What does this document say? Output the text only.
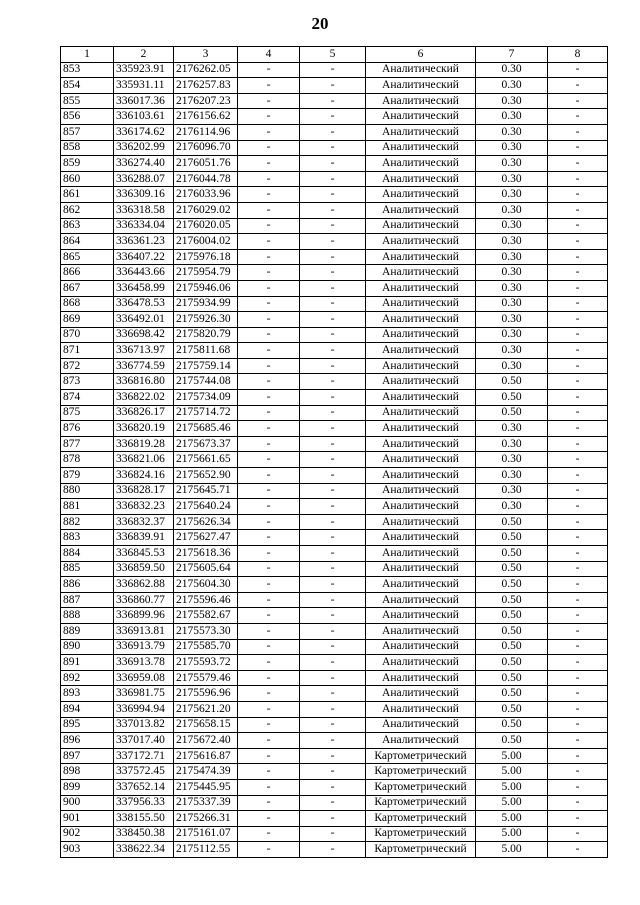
20
1	2	3	4	5	6	7	8
853	335923.91	2176262.05	-	-	Аналитический	0.30	-
854	335931.11	2176257.83	-	-	Аналитический	0.30	-
855	336017.36	2176207.23	-	-	Аналитический	0.30	-
856	336103.61	2176156.62	-	-	Аналитический	0.30	-
857	336174.62	2176114.96	-	-	Аналитический	0.30	-
858	336202.99	2176096.70	-	-	Аналитический	0.30	-
859	336274.40	2176051.76	-	-	Аналитический	0.30	-
860	336288.07	2176044.78	-	-	Аналитический	0.30	-
861	336309.16	2176033.96	-	-	Аналитический	0.30	-
862	336318.58	2176029.02	-	-	Аналитический	0.30	-
863	336334.04	2176020.05	-	-	Аналитический	0.30	-
864	336361.23	2176004.02	-	-	Аналитический	0.30	-
865	336407.22	2175976.18	-	-	Аналитический	0.30	-
866	336443.66	2175954.79	-	-	Аналитический	0.30	-
867	336458.99	2175946.06	-	-	Аналитический	0.30	-
868	336478.53	2175934.99	-	-	Аналитический	0.30	-
869	336492.01	2175926.30	-	-	Аналитический	0.30	-
870	336698.42	2175820.79	-	-	Аналитический	0.30	-
871	336713.97	2175811.68	-	-	Аналитический	0.30	-
872	336774.59	2175759.14	-	-	Аналитический	0.30	-
873	336816.80	2175744.08	-	-	Аналитический	0.50	-
874	336822.02	2175734.09	-	-	Аналитический	0.50	-
875	336826.17	2175714.72	-	-	Аналитический	0.50	-
876	336820.19	2175685.46	-	-	Аналитический	0.30	-
877	336819.28	2175673.37	-	-	Аналитический	0.30	-
878	336821.06	2175661.65	-	-	Аналитический	0.30	-
879	336824.16	2175652.90	-	-	Аналитический	0.30	-
880	336828.17	2175645.71	-	-	Аналитический	0.30	-
881	336832.23	2175640.24	-	-	Аналитический	0.30	-
882	336832.37	2175626.34	-	-	Аналитический	0.50	-
883	336839.91	2175627.47	-	-	Аналитический	0.50	-
884	336845.53	2175618.36	-	-	Аналитический	0.50	-
885	336859.50	2175605.64	-	-	Аналитический	0.50	-
886	336862.88	2175604.30	-	-	Аналитический	0.50	-
887	336860.77	2175596.46	-	-	Аналитический	0.50	-
888	336899.96	2175582.67	-	-	Аналитический	0.50	-
889	336913.81	2175573.30	-	-	Аналитический	0.50	-
890	336913.79	2175585.70	-	-	Аналитический	0.50	-
891	336913.78	2175593.72	-	-	Аналитический	0.50	-
892	336959.08	2175579.46	-	-	Аналитический	0.50	-
893	336981.75	2175596.96	-	-	Аналитический	0.50	-
894	336994.94	2175621.20	-	-	Аналитический	0.50	-
895	337013.82	2175658.15	-	-	Аналитический	0.50	-
896	337017.40	2175672.40	-	-	Аналитический	0.50	-
897	337172.71	2175616.87	-	-	Картометрический	5.00	-
898	337572.45	2175474.39	-	-	Картометрический	5.00	-
899	337652.14	2175445.95	-	-	Картометрический	5.00	-
900	337956.33	2175337.39	-	-	Картометрический	5.00	-
901	338155.50	2175266.31	-	-	Картометрический	5.00	-
902	338450.38	2175161.07	-	-	Картометрический	5.00	-
903	338622.34	2175112.55	-	-	Картометрический	5.00	-
